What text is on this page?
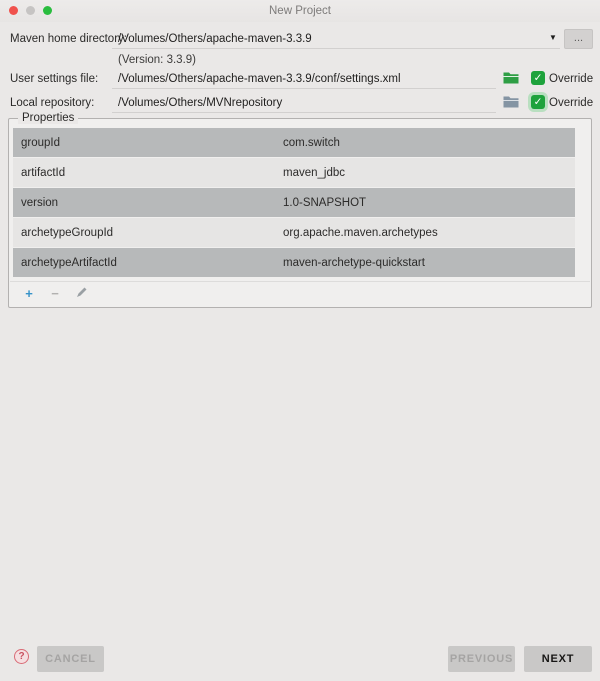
New Project
Maven home directory:
/Volumes/Others/apache-maven-3.3.9	▼	...
(Version: 3.3.9)
User settings file: /Volumes/Others/apache-maven-3.3.9/conf/settings.xml	✓ Override
Local repository: /Volumes/Others/MVNrepository	✓ Override
Properties
groupId	com.switch
artifactId	maven_jdbc
version	1.0-SNAPSHOT
archetypeGroupId	org.apache.maven.archetypes
archetypeArtifactId	maven-archetype-quickstart
+ −
?	CANCEL	PREVIOUS	NEXT
